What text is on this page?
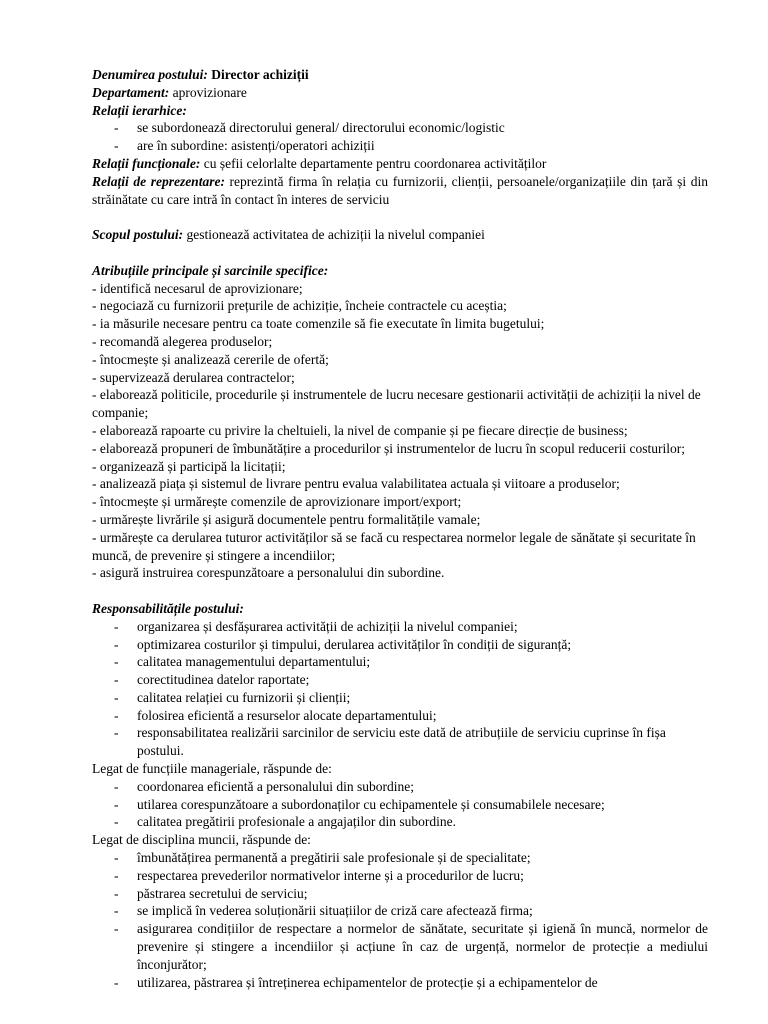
Denumirea postului: Director achiziții

Departament: aprovizionare

Relații ierarhice:

- se subordonează directorului general/ directorului economic/logistic
- are în subordine: asistenți/operatori achiziții

Relații funcționale: cu șefii celorlalte departamente pentru coordonarea activităților

Relații de reprezentare: reprezintă firma în relația cu furnizorii, clienții, persoanele/organizațiile din țară și din străinătate cu care intră în contact în interes de serviciu

Scopul postului: gestionează activitatea de achiziții la nivelul companiei

Atribuțiile principale și sarcinile specifice:

- identifică necesarul de aprovizionare;

- negociază cu furnizorii prețurile de achiziție, încheie contractele cu aceștia;

- ia măsurile necesare pentru ca toate comenzile să fie executate în limita bugetului;

- recomandă alegerea produselor;

- întocmește și analizează cererile de ofertă;

- supervizează derularea contractelor;

- elaborează politicile, procedurile și instrumentele de lucru necesare gestionarii activității de achiziții la nivel de companie;

- elaborează rapoarte cu privire la cheltuieli, la nivel de companie și pe fiecare direcție de business;

- elaborează propuneri de îmbunătățire a procedurilor și instrumentelor de lucru în scopul reducerii costurilor;

- organizează și participă la licitații;

- analizează piața și sistemul de livrare pentru evalua valabilitatea actuala și viitoare a produselor;

- întocmește și urmărește comenzile de aprovizionare import/export;

- urmărește livrările și asigură documentele pentru formalitățile vamale;

- urmărește ca derularea tuturor activităților să se facă cu respectarea normelor legale de sănătate și securitate în muncă, de prevenire și stingere a incendiilor;

- asigură instruirea corespunzătoare a personalului din subordine.

Responsabilitățile postului:

- organizarea și desfășurarea activității de achiziții la nivelul companiei;
- optimizarea costurilor și timpului, derularea activităților în condiții de siguranță;
- calitatea managementului departamentului;
- corectitudinea datelor raportate;
- calitatea relației cu furnizorii și clienții;
- folosirea eficientă a resurselor alocate departamentului;
- responsabilitatea realizării sarcinilor de serviciu este dată de atribuțiile de serviciu cuprinse în fișa postului.

Legat de funcțiile manageriale, răspunde de:

- coordonarea eficientă a personalului din subordine;
- utilarea corespunzătoare a subordonaților cu echipamentele și consumabilele necesare;
- calitatea pregătirii profesionale a angajaților din subordine.

Legat de disciplina muncii, răspunde de:

- îmbunătățirea permanentă a pregătirii sale profesionale și de specialitate;
- respectarea prevederilor normativelor interne și a procedurilor de lucru;
- păstrarea secretului de serviciu;
- se implică în vederea soluționării situațiilor de criză care afectează firma;
- asigurarea condițiilor de respectare a normelor de sănătate, securitate și igienă în muncă, normelor de prevenire și stingere a incendiilor și acțiune în caz de urgență, normelor de protecție a mediului înconjurător;
- utilizarea, păstrarea și întreținerea echipamentelor de protecție și a echipamentelor de
